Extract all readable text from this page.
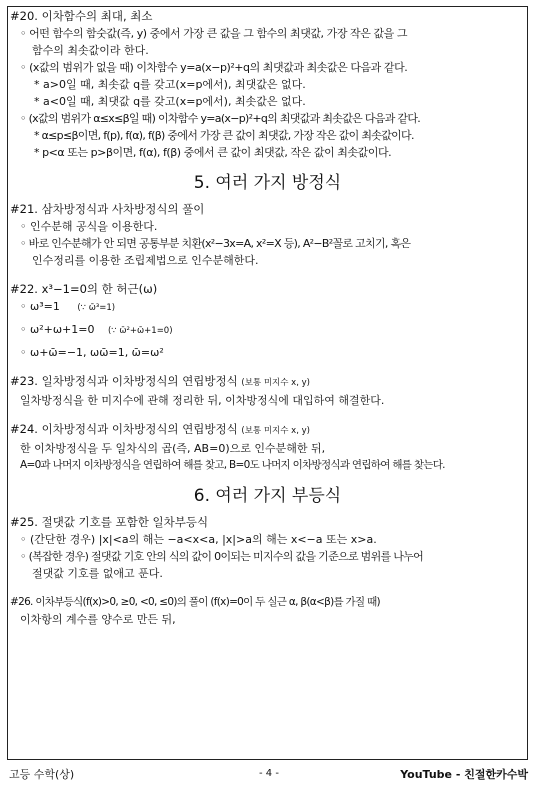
#20. 이차함수의 최대, 최소
◦ 어떤 함수의 함숫값(즉, y) 중에서 가장 큰 값을 그 함수의 최댓값, 가장 작은 값을 그
함수의 최솟값이라 한다.
◦ (x값의 범위가 없을 때) 이차함수 y=a(x−p)²+q의 최댓값과 최솟값은 다음과 같다.
* a>0일 때, 최솟값 q를 갖고(x=p에서), 최댓값은 없다.
* a<0일 때, 최댓값 q를 갖고(x=p에서), 최솟값은 없다.
◦ (x값의 범위가 α≤x≤β일 때) 이차함수 y=a(x−p)²+q의 최댓값과 최솟값은 다음과 같다.
* α≤p≤β이면, f(p), f(α), f(β) 중에서 가장 큰 값이 최댓값, 가장 작은 값이 최솟값이다.
* p<α 또는 p>β이면, f(α), f(β) 중에서 큰 값이 최댓값, 작은 값이 최솟값이다.
5. 여러 가지 방정식
#21. 삼차방정식과 사차방정식의 풀이
◦ 인수분해 공식을 이용한다.
◦ 바로 인수분해가 안 되면 공통부분 치환(x²−3x=A, x²=X 등), A²−B²꼴로 고치기, 혹은
인수정리를 이용한 조립제법으로 인수분해한다.
#22. x³−1=0의 한 허근(ω)
◦ ω³=1 (∵ ω̄³=1)
◦ ω²+ω+1=0 (∵ ω̄²+ω̄+1=0)
◦ ω+ω̄=−1, ωω̄=1, ω̄=ω²
#23. 일차방정식과 이차방정식의 연립방정식 (보통 미지수 x, y)
일차방정식을 한 미지수에 관해 정리한 뒤, 이차방정식에 대입하여 해결한다.
#24. 이차방정식과 이차방정식의 연립방정식 (보통 미지수 x, y)
한 이차방정식을 두 일차식의 곱(즉, AB=0)으로 인수분해한 뒤,
A=0과 나머지 이차방정식을 연립하여 해를 찾고, B=0도 나머지 이차방정식과 연립하여 해를 찾는다.
6. 여러 가지 부등식
#25. 절댓값 기호를 포함한 일차부등식
◦ (간단한 경우) |x|<a의 해는 −a<x<a, |x|>a의 해는 x<−a 또는 x>a.
◦ (복잡한 경우) 절댓값 기호 안의 식의 값이 0이되는 미지수의 값을 기준으로 범위를 나누어
절댓값 기호를 없애고 푼다.
#26. 이차부등식(f(x)>0, ≥0, <0, ≤0)의 풀이 (f(x)=0이 두 실근 α, β(α<β)를 가질 때)
이차항의 계수를 양수로 만든 뒤,
고등 수학(상)	- 4 -	YouTube - 친절한카수박
